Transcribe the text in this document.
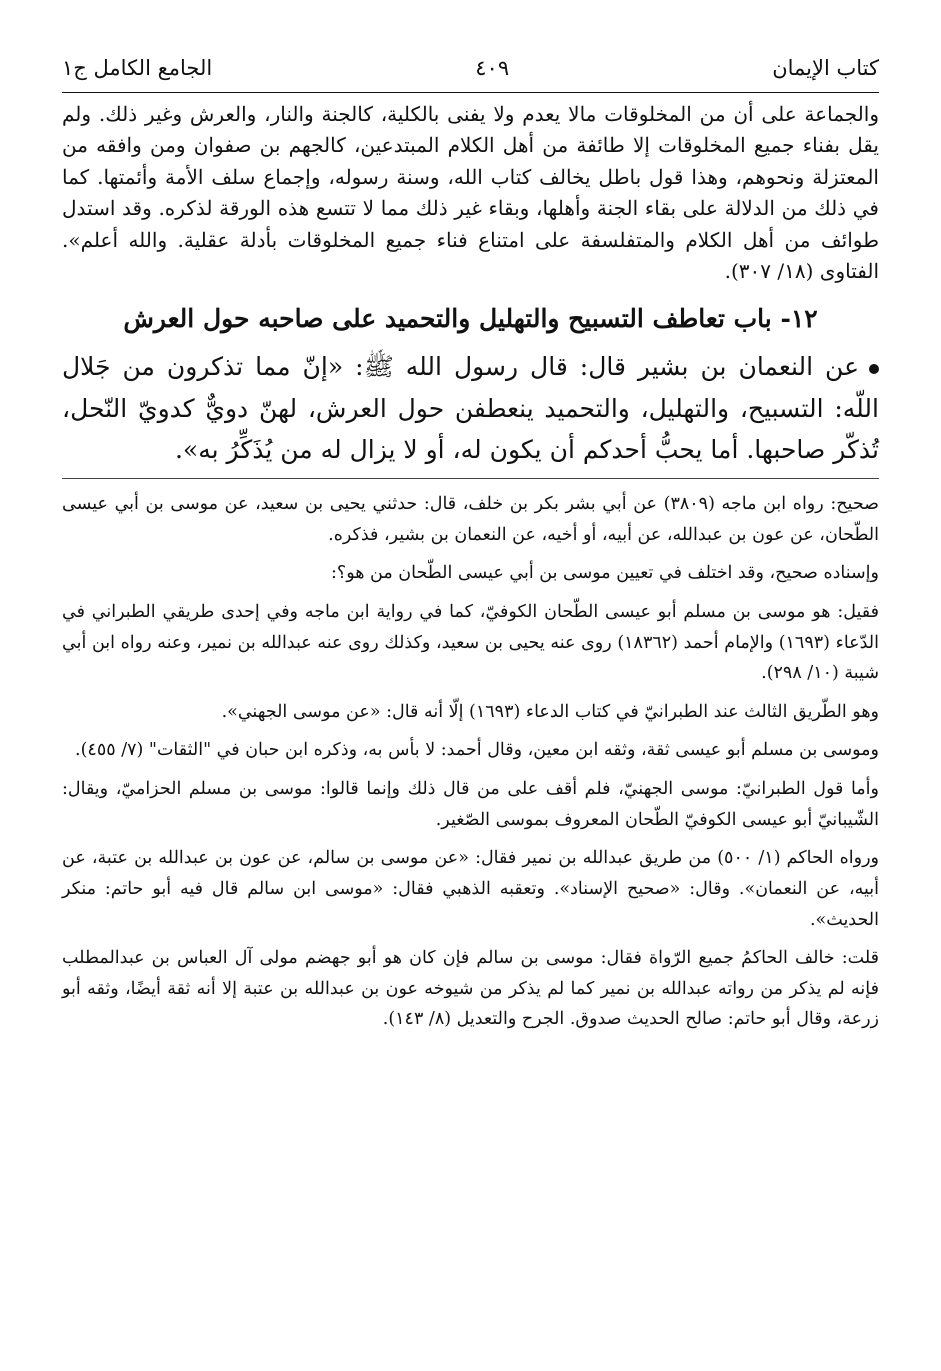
كتاب الإيمان
٤٠٩
الجامع الكامل ج١

والجماعة على أن من المخلوقات مالا يعدم ولا يفنى بالكلية، كالجنة والنار، والعرش وغير ذلك. ولم يقل بفناء جميع المخلوقات إلا طائفة من أهل الكلام المبتدعين، كالجهم بن صفوان ومن وافقه من المعتزلة ونحوهم، وهذا قول باطل يخالف كتاب الله، وسنة رسوله، وإجماع سلف الأمة وأئمتها. كما في ذلك من الدلالة على بقاء الجنة وأهلها، وبقاء غير ذلك مما لا تتسع هذه الورقة لذكره. وقد استدل طوائف من أهل الكلام والمتفلسفة على امتناع فناء جميع المخلوقات بأدلة عقلية. والله أعلم». الفتاوى (١٨/ ٣٠٧).

١٢- باب تعاطف التسبيح والتهليل والتحميد على صاحبه حول العرش

عن النعمان بن بشير قال: قال رسول الله ﷺ: «إنّ مما تذكرون من جَلال اللّه: التسبيح، والتهليل، والتحميد ينعطفن حول العرش، لهنّ دويٌّ كدويّ النّحل، تُذكّر صاحبها. أما يحبُّ أحدكم أن يكون له، أو لا يزال له من يُذَكِّرُ به».

صحيح: رواه ابن ماجه (٣٨٠٩) عن أبي بشر بكر بن خلف، قال: حدثني يحيى بن سعيد، عن موسى بن أبي عيسى الطّحان، عن عون بن عبدالله، عن أبيه، أو أخيه، عن النعمان بن بشير، فذكره.

وإسناده صحيح، وقد اختلف في تعيين موسى بن أبي عيسى الطّحان من هو؟:

فقيل: هو موسى بن مسلم أبو عيسى الطّحان الكوفيّ، كما في رواية ابن ماجه وفي إحدى طريقي الطبراني في الدّعاء (١٦٩٣) والإمام أحمد (١٨٣٦٢) روى عنه يحيى بن سعيد، وكذلك روى عنه عبدالله بن نمير، وعنه رواه ابن أبي شيبة (١٠/ ٢٩٨).

وهو الطّريق الثالث عند الطبرانيّ في كتاب الدعاء (١٦٩٣) إلّا أنه قال: «عن موسى الجهني».

وموسى بن مسلم أبو عيسى ثقة، وثقه ابن معين، وقال أحمد: لا بأس به، وذكره ابن حبان في "الثقات" (٧/ ٤٥٥).

وأما قول الطبرانيّ: موسى الجهنيّ، فلم أقف على من قال ذلك وإنما قالوا: موسى بن مسلم الحزاميّ، ويقال: الشّيبانيّ أبو عيسى الكوفيّ الطّحان المعروف بموسى الصّغير.

ورواه الحاكم (١/ ٥٠٠) من طريق عبدالله بن نمير فقال: «عن موسى بن سالم، عن عون بن عبدالله بن عتبة، عن أبيه، عن النعمان». وقال: «صحيح الإسناد». وتعقبه الذهبي فقال: «موسى ابن سالم قال فيه أبو حاتم: منكر الحديث».

قلت: خالف الحاكمُ جميع الرّواة فقال: موسى بن سالم فإن كان هو أبو جهضم مولى آل العباس بن عبدالمطلب فإنه لم يذكر من رواته عبدالله بن نمير كما لم يذكر من شيوخه عون بن عبدالله بن عتبة إلا أنه ثقة أيضًا، وثقه أبو زرعة، وقال أبو حاتم: صالح الحديث صدوق. الجرح والتعديل (٨/ ١٤٣).
